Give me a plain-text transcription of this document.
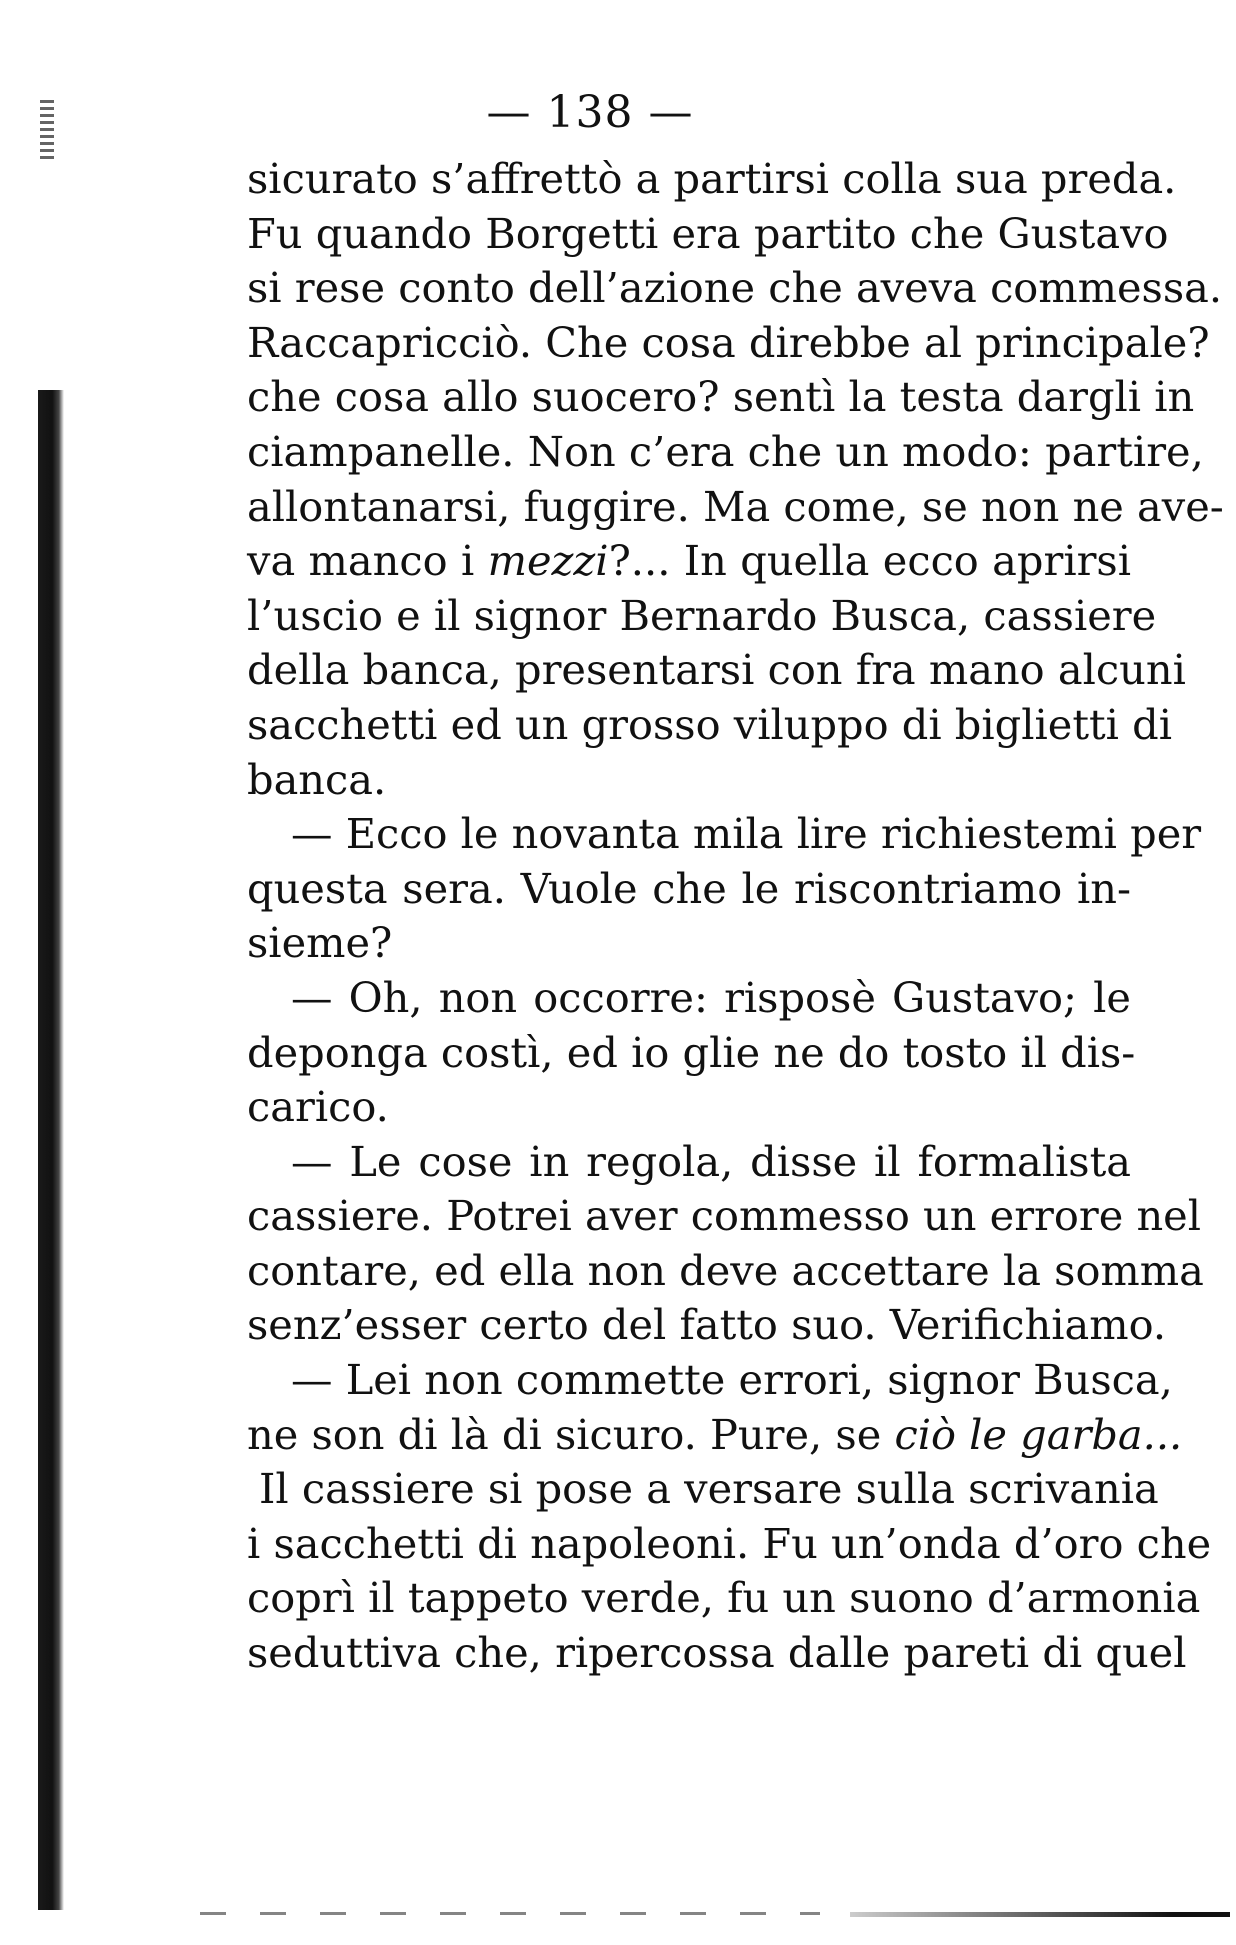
— 138 —
sicurato s’affrettò a partirsi colla sua preda.
Fu quando Borgetti era partito che Gustavo
si rese conto dell’azione che aveva commessa.
Raccapricciò. Che cosa direbbe al principale?
che cosa allo suocero? sentì la testa dargli in
ciampanelle. Non c’era che un modo: partire,
allontanarsi, fuggire. Ma come, se non ne ave-
va manco i mezzi?... In quella ecco aprirsi
l’uscio e il signor Bernardo Busca, cassiere
della banca, presentarsi con fra mano alcuni
sacchetti ed un grosso viluppo di biglietti di
banca.
— Ecco le novanta mila lire richiestemi per
questa sera. Vuole che le riscontriamo in-
sieme?
— Oh, non occorre: risposè Gustavo; le
deponga costì, ed io glie ne do tosto il dis-
carico.
— Le cose in regola, disse il formalista
cassiere. Potrei aver commesso un errore nel
contare, ed ella non deve accettare la somma
senz’esser certo del fatto suo. Verifichiamo.
— Lei non commette errori, signor Busca,
ne son di là di sicuro. Pure, se ciò le garba...
Il cassiere si pose a versare sulla scrivania
i sacchetti di napoleoni. Fu un’onda d’oro che
coprì il tappeto verde, fu un suono d’armonia
seduttiva che, ripercossa dalle pareti di quel
